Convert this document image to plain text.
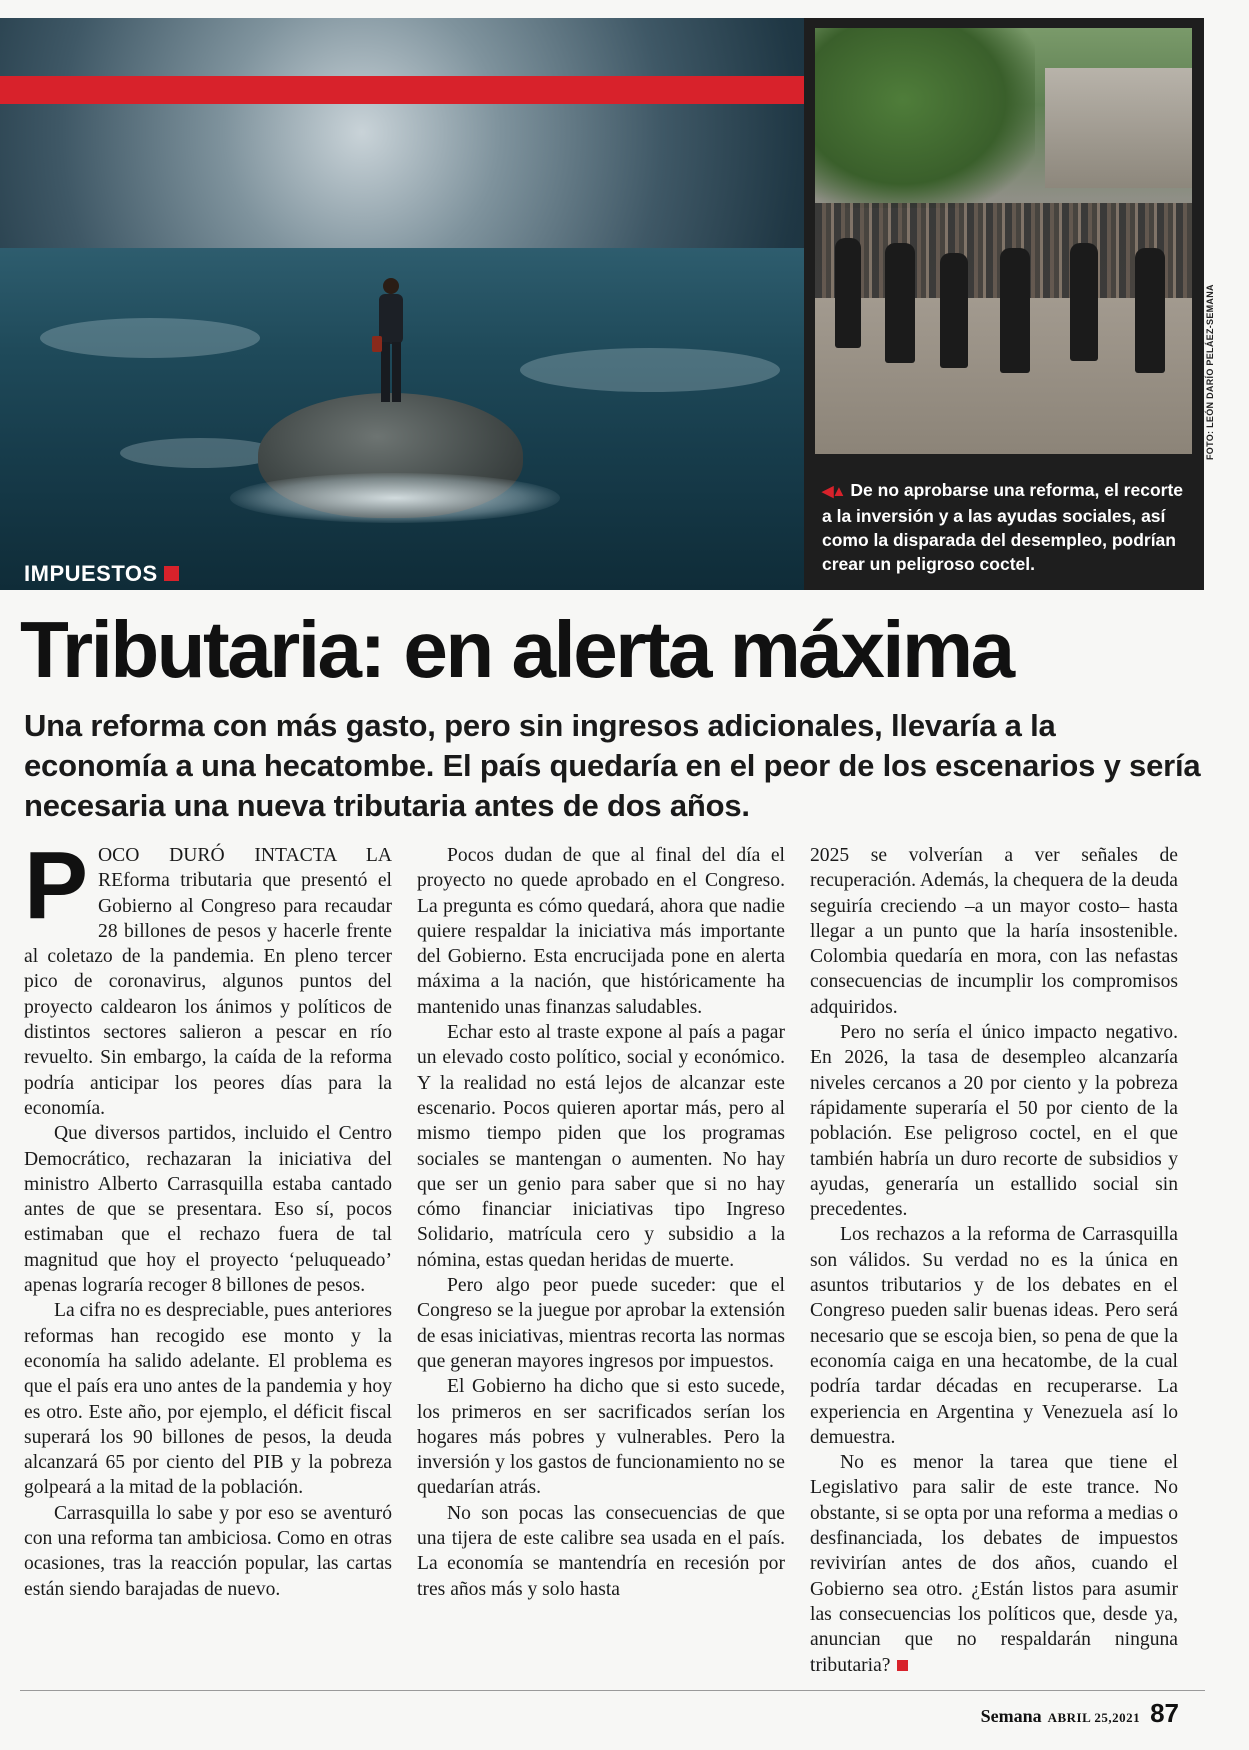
IMPUESTOS
FOTO: LEÓN DARÍO PELÁEZ-SEMANA
◀▲ De no aprobarse una reforma, el recorte a la inversión y a las ayudas sociales, así como la disparada del desempleo, podrían crear un peligroso coctel.
Tributaria: en alerta máxima
Una reforma con más gasto, pero sin ingresos adicionales, llevaría a la economía a una hecatombe. El país quedaría en el peor de los escenarios y sería necesaria una nueva tributaria antes de dos años.

POCO DURÓ INTACTA LA REforma tributaria que presentó el Gobierno al Congreso para recaudar 28 billones de pesos y hacerle frente al coletazo de la pandemia. En pleno tercer pico de coronavirus, algunos puntos del proyecto caldearon los ánimos y políticos de distintos sectores salieron a pescar en río revuelto. Sin embargo, la caída de la reforma podría anticipar los peores días para la economía.

Que diversos partidos, incluido el Centro Democrático, rechazaran la iniciativa del ministro Alberto Carrasquilla estaba cantado antes de que se presentara. Eso sí, pocos estimaban que el rechazo fuera de tal magnitud que hoy el proyecto ‘peluqueado’ apenas lograría recoger 8 billones de pesos.

La cifra no es despreciable, pues anteriores reformas han recogido ese monto y la economía ha salido adelante. El problema es que el país era uno antes de la pandemia y hoy es otro. Este año, por ejemplo, el déficit fiscal superará los 90 billones de pesos, la deuda alcanzará 65 por ciento del PIB y la pobreza golpeará a la mitad de la población.

Carrasquilla lo sabe y por eso se aventuró con una reforma tan ambiciosa. Como en otras ocasiones, tras la reacción popular, las cartas están siendo barajadas de nuevo.

Pocos dudan de que al final del día el proyecto no quede aprobado en el Congreso. La pregunta es cómo quedará, ahora que nadie quiere respaldar la iniciativa más importante del Gobierno. Esta encrucijada pone en alerta máxima a la nación, que históricamente ha mantenido unas finanzas saludables.

Echar esto al traste expone al país a pagar un elevado costo político, social y económico. Y la realidad no está lejos de alcanzar este escenario. Pocos quieren aportar más, pero al mismo tiempo piden que los programas sociales se mantengan o aumenten. No hay que ser un genio para saber que si no hay cómo financiar iniciativas tipo Ingreso Solidario, matrícula cero y subsidio a la nómina, estas quedan heridas de muerte.

Pero algo peor puede suceder: que el Congreso se la juegue por aprobar la extensión de esas iniciativas, mientras recorta las normas que generan mayores ingresos por impuestos.

El Gobierno ha dicho que si esto sucede, los primeros en ser sacrificados serían los hogares más pobres y vulnerables. Pero la inversión y los gastos de funcionamiento no se quedarían atrás.

No son pocas las consecuencias de que una tijera de este calibre sea usada en el país. La economía se mantendría en recesión por tres años más y solo hasta

2025 se volverían a ver señales de recuperación. Además, la chequera de la deuda seguiría creciendo –a un mayor costo– hasta llegar a un punto que la haría insostenible. Colombia quedaría en mora, con las nefastas consecuencias de incumplir los compromisos adquiridos.

Pero no sería el único impacto negativo. En 2026, la tasa de desempleo alcanzaría niveles cercanos a 20 por ciento y la pobreza rápidamente superaría el 50 por ciento de la población. Ese peligroso coctel, en el que también habría un duro recorte de subsidios y ayudas, generaría un estallido social sin precedentes.

Los rechazos a la reforma de Carrasquilla son válidos. Su verdad no es la única en asuntos tributarios y de los debates en el Congreso pueden salir buenas ideas. Pero será necesario que se escoja bien, so pena de que la economía caiga en una hecatombe, de la cual podría tardar décadas en recuperarse. La experiencia en Argentina y Venezuela así lo demuestra.

No es menor la tarea que tiene el Legislativo para salir de este trance. No obstante, si se opta por una reforma a medias o desfinanciada, los debates de impuestos revivirían antes de dos años, cuando el Gobierno sea otro. ¿Están listos para asumir las consecuencias los políticos que, desde ya, anuncian que no respaldarán ninguna tributaria?

Semana ABRIL 25,2021 87
